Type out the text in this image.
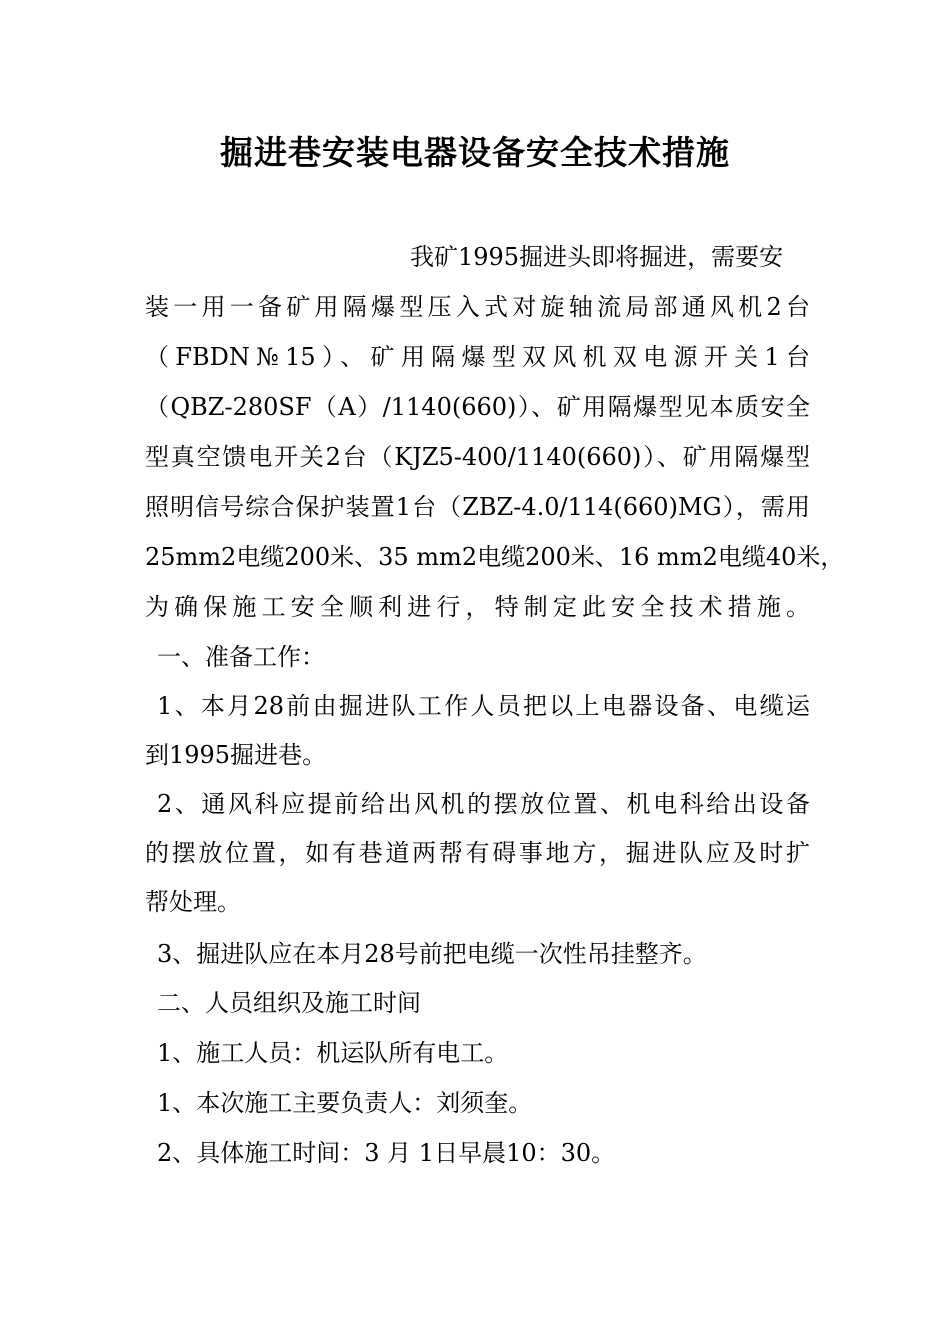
掘进巷安装电器设备安全技术措施

我矿1995掘进头即将掘进，需要安

装一用一备矿用隔爆型压入式对旋轴流局部通风机2台

（FBDN№15）、矿用隔爆型双风机双电源开关1台

（QBZ-280SF（A）/1140(660)）、矿用隔爆型见本质安全

型真空馈电开关2台（KJZ5-400/1140(660)）、矿用隔爆型

照明信号综合保护装置1台（ZBZ-4.0/114(660)MG），需用

25mm2电缆200米、35 mm2电缆200米、16 mm2电缆40米，

为确保施工安全顺利进行，特制定此安全技术措施。

一、准备工作：

1、本月28前由掘进队工作人员把以上电器设备、电缆运

到1995掘进巷。

2、通风科应提前给出风机的摆放位置、机电科给出设备

的摆放位置，如有巷道两帮有碍事地方，掘进队应及时扩

帮处理。

3、掘进队应在本月28号前把电缆一次性吊挂整齐。

二、人员组织及施工时间

1、施工人员：机运队所有电工。

1、本次施工主要负责人：刘须奎。

2、具体施工时间：3 月 1日早晨10：30。
